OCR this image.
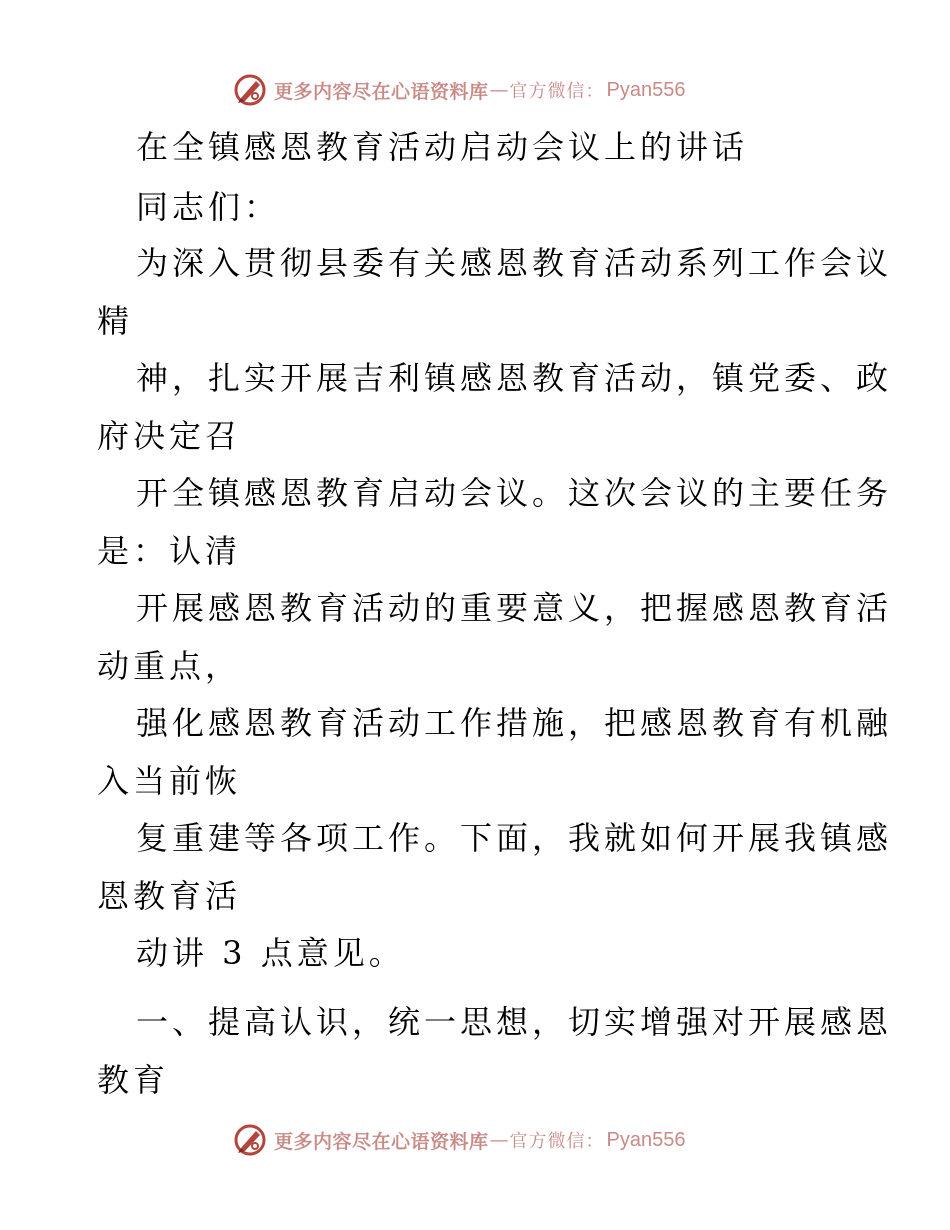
更多内容尽在心语资料库 — 官方微信： Pyan556
在全镇感恩教育活动启动会议上的讲话
同志们：
为深入贯彻县委有关感恩教育活动系列工作会议
精
神，扎实开展吉利镇感恩教育活动，镇党委、政
府决定召
开全镇感恩教育启动会议。这次会议的主要任务
是：认清
开展感恩教育活动的重要意义，把握感恩教育活
动重点，
强化感恩教育活动工作措施，把感恩教育有机融
入当前恢
复重建等各项工作。下面，我就如何开展我镇感
恩教育活
动讲 3 点意见。
一、提高认识，统一思想，切实增强对开展感恩
教育
更多内容尽在心语资料库 — 官方微信： Pyan556
